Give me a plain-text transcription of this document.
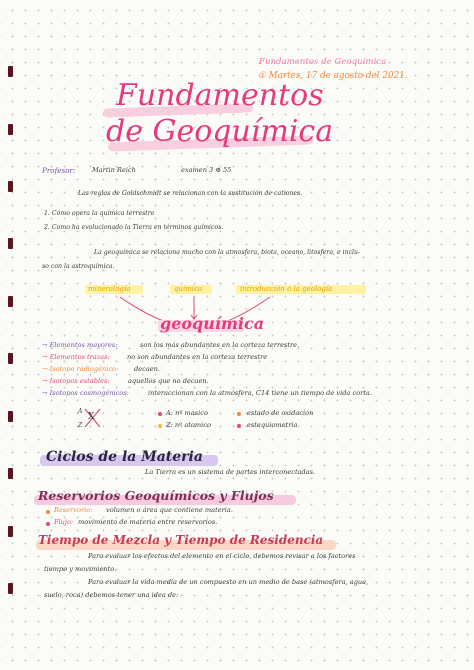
Fundamentos de Geoquímica
① Martes, 17 de agosto del 2021.
Fundamentos
de Geoquímica
Profesor:	Martin Reich	examen 3 ⊕ 55
Las reglas de Goldschmidt se relacionan con la sustitución de cationes.
1. Cómo opera la química terrestre
2. Como ha evolucionado la Tierra en términos químicos.
La geoquímica se relaciona mucho con la atmosfera, biota, oceano, litosfera, e inclu-
so con la astroquímica.
mineralogía	química	introducción a la geología
geoquímica
→ Elementos mayores:	son los más abundantes en la corteza terrestre.
→ Elementos trazas:	no son abundantes en la corteza terrestre
→ Isotopo radiogénico: decaen.
→ Isotopos estables:	aquellos que no decaen.
→ Isotopos cosmogénicos:	interaccionan con la atmósfera, C14 tiene un tiempo de vida corta.
A
Z
X	A: nº masico
Z: nº atomico
estado de oxidación
estequiometria
Ciclos de la Materia
La Tierra es un sistema de partes interconectadas.
Reservorios Geoquímicos y Flujos
Reservorio: volumen o área que contiene materia.
Flujo: movimiento de materia entre reservorios.
Tiempo de Mezcla y Tiempo de Residencia
Para evaluar los efectos del elemento en el ciclo, debemos revisar a los factores
tiempo y movimiento.
Para evaluar la vida media de un compuesto en un medio de base (atmosfera, agua,
suelo, roca) debemos tener una idea de:
